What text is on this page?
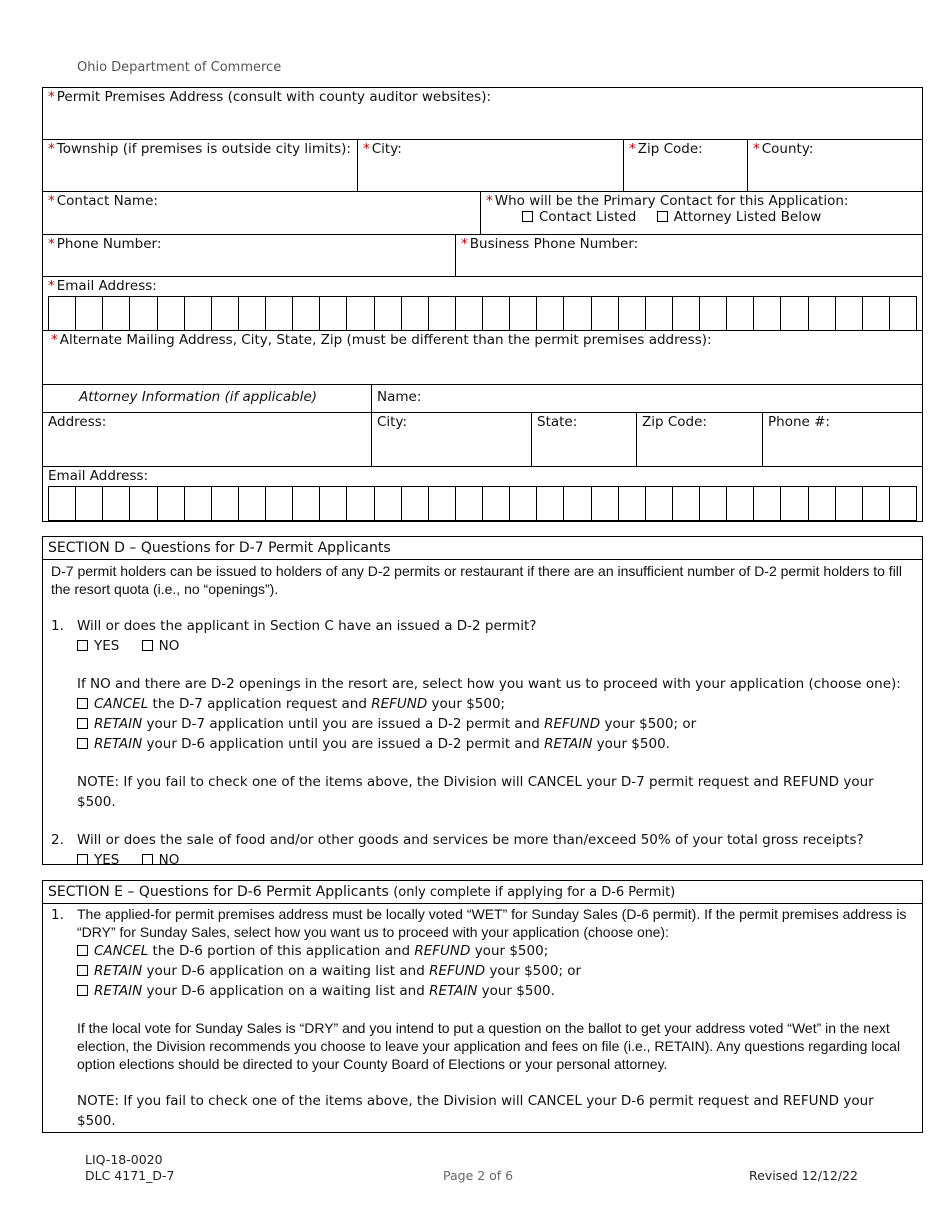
Ohio Department of Commerce
* Permit Premises Address (consult with county auditor websites):
* Township (if premises is outside city limits): * City:	* Zip Code:	* County:
* Contact Name:	* Who will be the Primary Contact for this Application:
Contact Listed	Attorney Listed Below
* Phone Number:	* Business Phone Number:
* Email Address:
* Alternate Mailing Address, City, State, Zip (must be different than the permit premises address):
Attorney Information (if applicable)	Name:
Address:	City:	State:	Zip Code:	Phone #:
Email Address:
SECTION D – Questions for D-7 Permit Applicants
D-7 permit holders can be issued to holders of any D-2 permits or restaurant if there are an insufficient number of D-2 permit holders to fill the resort quota (i.e., no “openings”).
1. Will or does the applicant in Section C have an issued a D-2 permit?
YES	NO
If NO and there are D-2 openings in the resort are, select how you want us to proceed with your application (choose one):
CANCEL the D-7 application request and REFUND your $500;
RETAIN your D-7 application until you are issued a D-2 permit and REFUND your $500; or
RETAIN your D-6 application until you are issued a D-2 permit and RETAIN your $500.
NOTE: If you fail to check one of the items above, the Division will CANCEL your D-7 permit request and REFUND your $500.
2. Will or does the sale of food and/or other goods and services be more than/exceed 50% of your total gross receipts?
YES	NO
SECTION E – Questions for D-6 Permit Applicants (only complete if applying for a D-6 Permit)
1. The applied-for permit premises address must be locally voted “WET” for Sunday Sales (D-6 permit). If the permit premises address is “DRY” for Sunday Sales, select how you want us to proceed with your application (choose one):
CANCEL the D-6 portion of this application and REFUND your $500;
RETAIN your D-6 application on a waiting list and REFUND your $500; or
RETAIN your D-6 application on a waiting list and RETAIN your $500.
If the local vote for Sunday Sales is “DRY” and you intend to put a question on the ballot to get your address voted “Wet” in the next election, the Division recommends you choose to leave your application and fees on file (i.e., RETAIN). Any questions regarding local option elections should be directed to your County Board of Elections or your personal attorney.
NOTE: If you fail to check one of the items above, the Division will CANCEL your D-6 permit request and REFUND your $500.
LIQ-18-0020
DLC 4171_D-7	Page 2 of 6	Revised 12/12/22
